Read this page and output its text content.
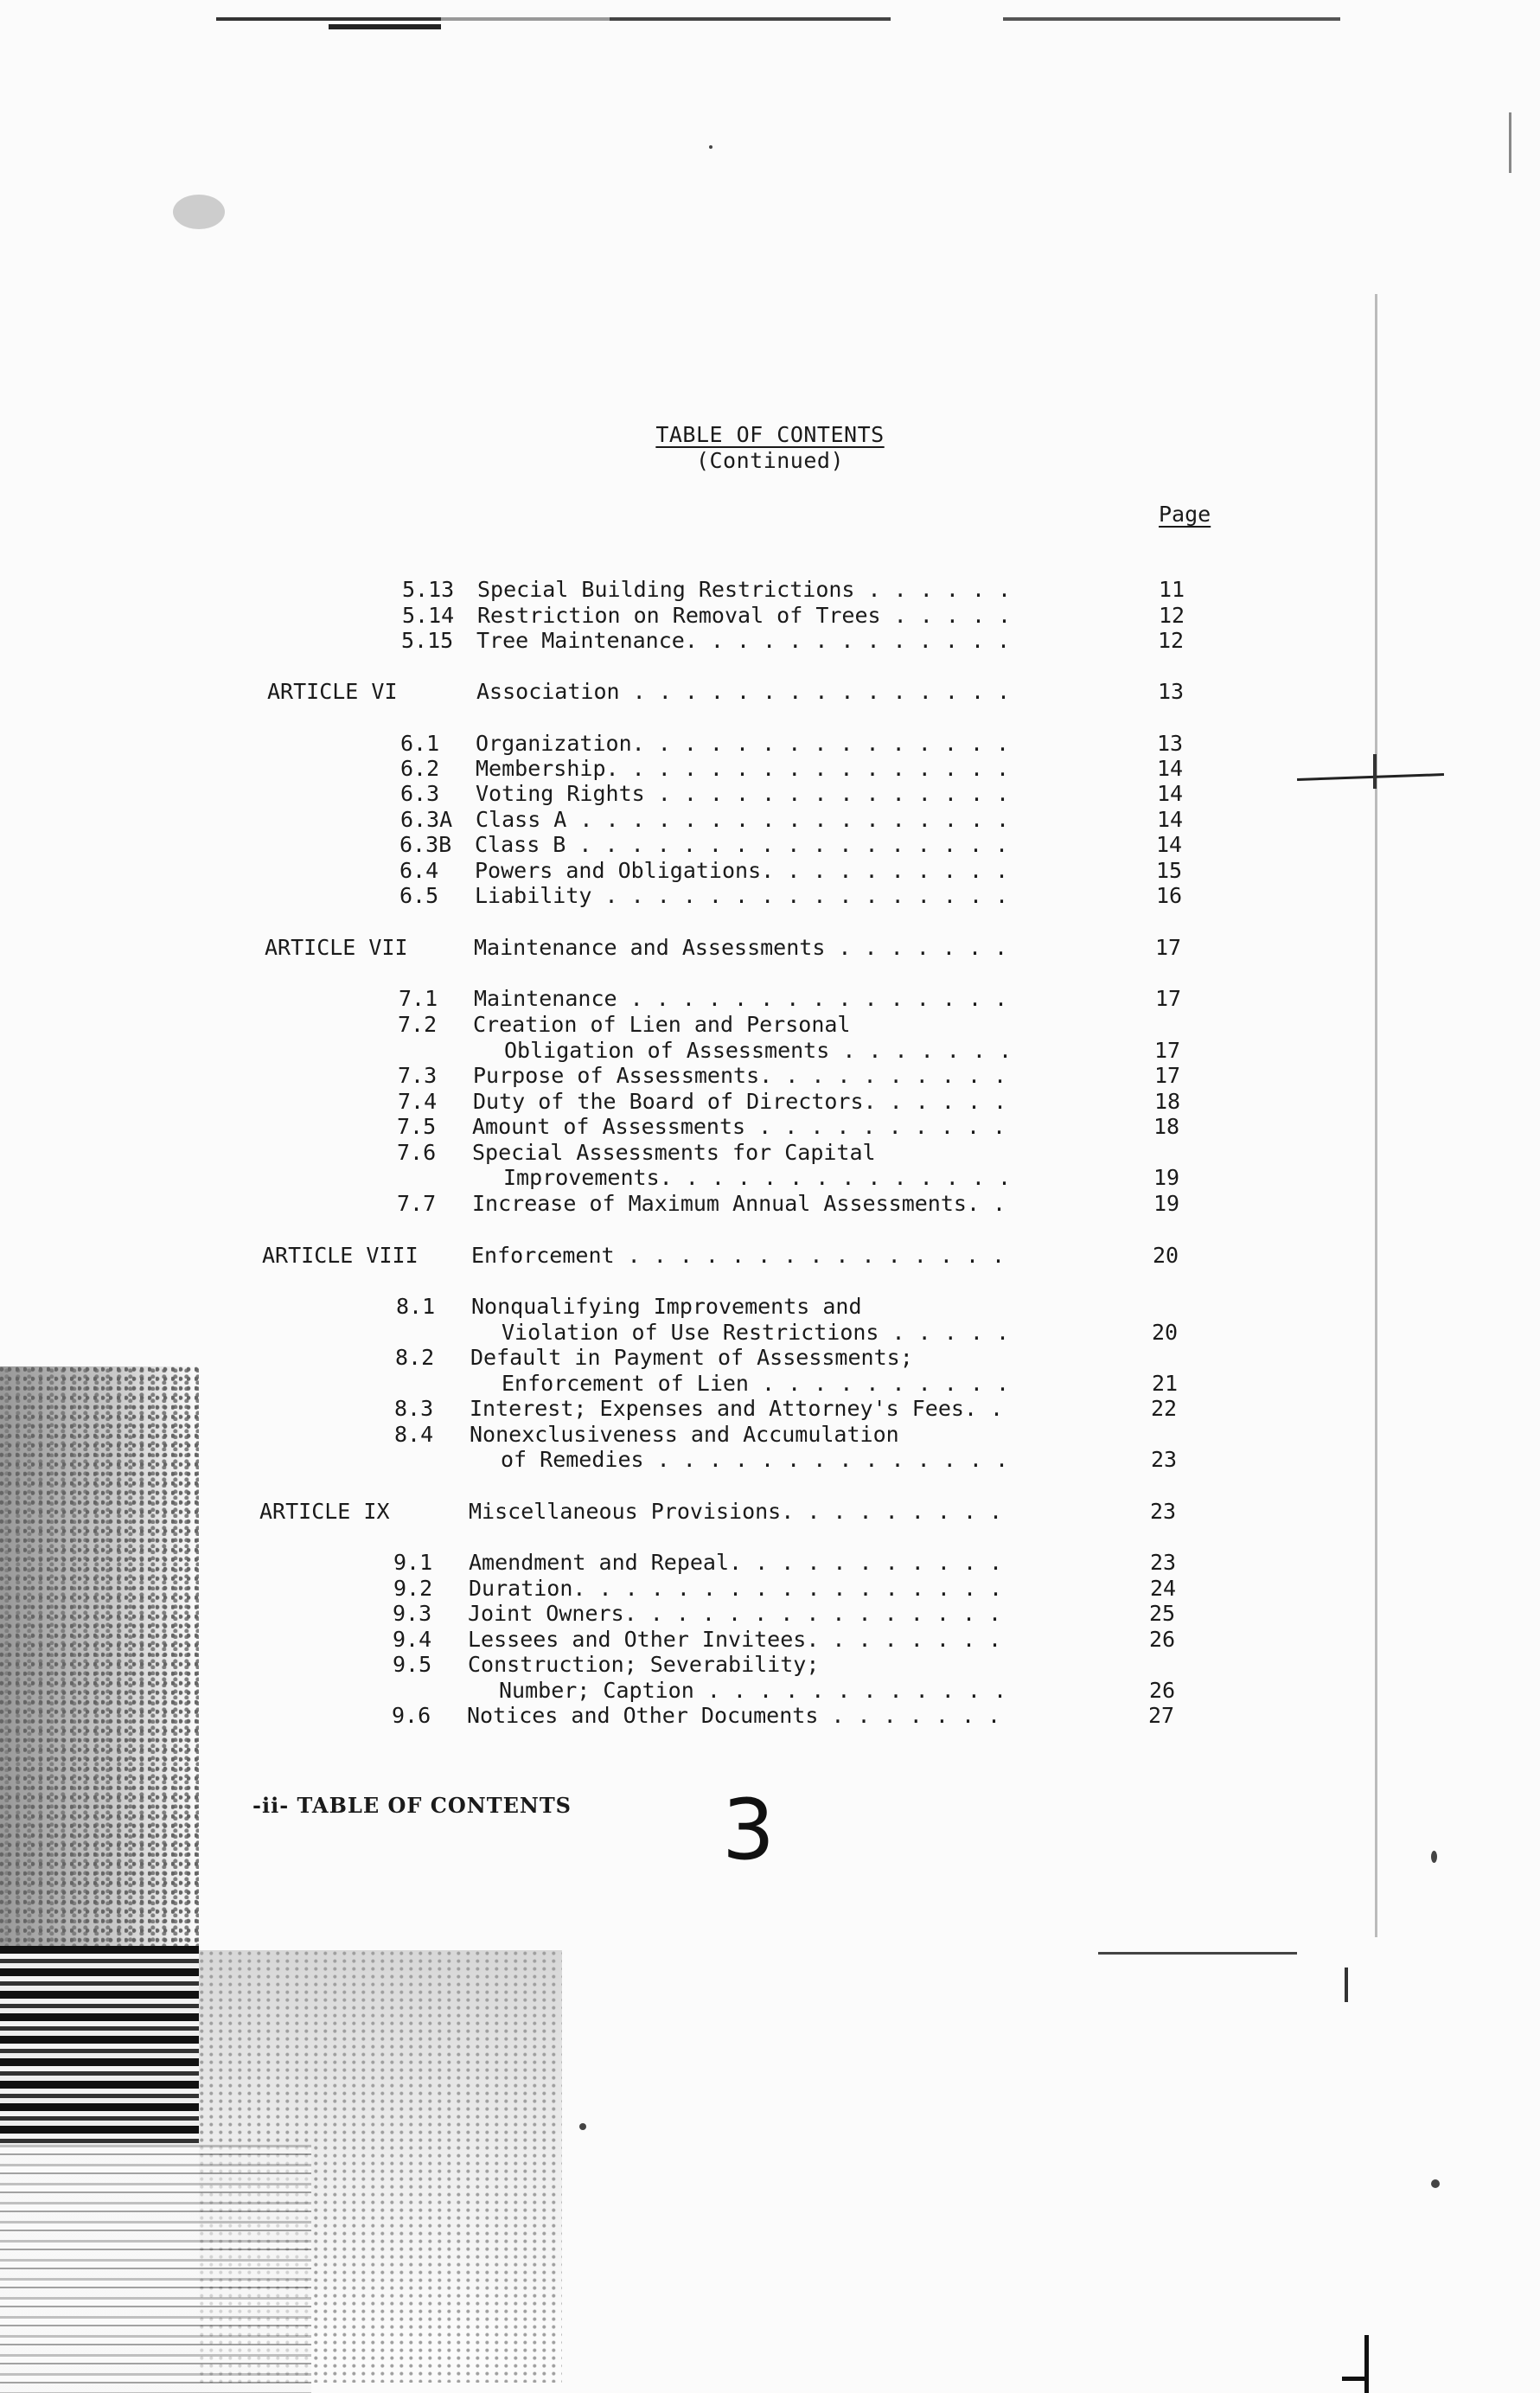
TABLE OF CONTENTS
(Continued)
Page
5.13 Special Building Restrictions . . . . . .	11
5.14 Restriction on Removal of Trees . . . . .	12
5.15 Tree Maintenance. . . . . . . . . . . . .	12
ARTICLE VI	Association . . . . . . . . . . . . . . .	13
6.1 Organization. . . . . . . . . . . . . . .	13
6.2 Membership. . . . . . . . . . . . . . . .	14
6.3 Voting Rights . . . . . . . . . . . . . .	14
6.3A Class A . . . . . . . . . . . . . . . . .	14
6.3B Class B . . . . . . . . . . . . . . . . .	14
6.4 Powers and Obligations. . . . . . . . . .	15
6.5 Liability . . . . . . . . . . . . . . . .	16
ARTICLE VII	Maintenance and Assessments . . . . . . .	17
7.1 Maintenance . . . . . . . . . . . . . . .	17
7.2 Creation of Lien and Personal
Obligation of Assessments . . . . . . .	17
7.3 Purpose of Assessments. . . . . . . . . .	17
7.4 Duty of the Board of Directors. . . . . .	18
7.5 Amount of Assessments . . . . . . . . . .	18
7.6 Special Assessments for Capital
Improvements. . . . . . . . . . . . . .	19
7.7 Increase of Maximum Annual Assessments. .	19
ARTICLE VIII Enforcement . . . . . . . . . . . . . . .	20
8.1 Nonqualifying Improvements and
Violation of Use Restrictions . . . . .	20
8.2 Default in Payment of Assessments;
Enforcement of Lien . . . . . . . . . .	21
8.3 Interest; Expenses and Attorney's Fees. .	22
8.4 Nonexclusiveness and Accumulation
of Remedies . . . . . . . . . . . . . .	23
ARTICLE IX	Miscellaneous Provisions. . . . . . . . .	23
9.1 Amendment and Repeal. . . . . . . . . . .	23
9.2 Duration. . . . . . . . . . . . . . . . .	24
9.3 Joint Owners. . . . . . . . . . . . . . .	25
9.4 Lessees and Other Invitees. . . . . . . .	26
9.5 Construction; Severability;
Number; Caption . . . . . . . . . . . .	26
9.6 Notices and Other Documents . . . . . . .	27
-ii- TABLE OF CONTENTS 3
